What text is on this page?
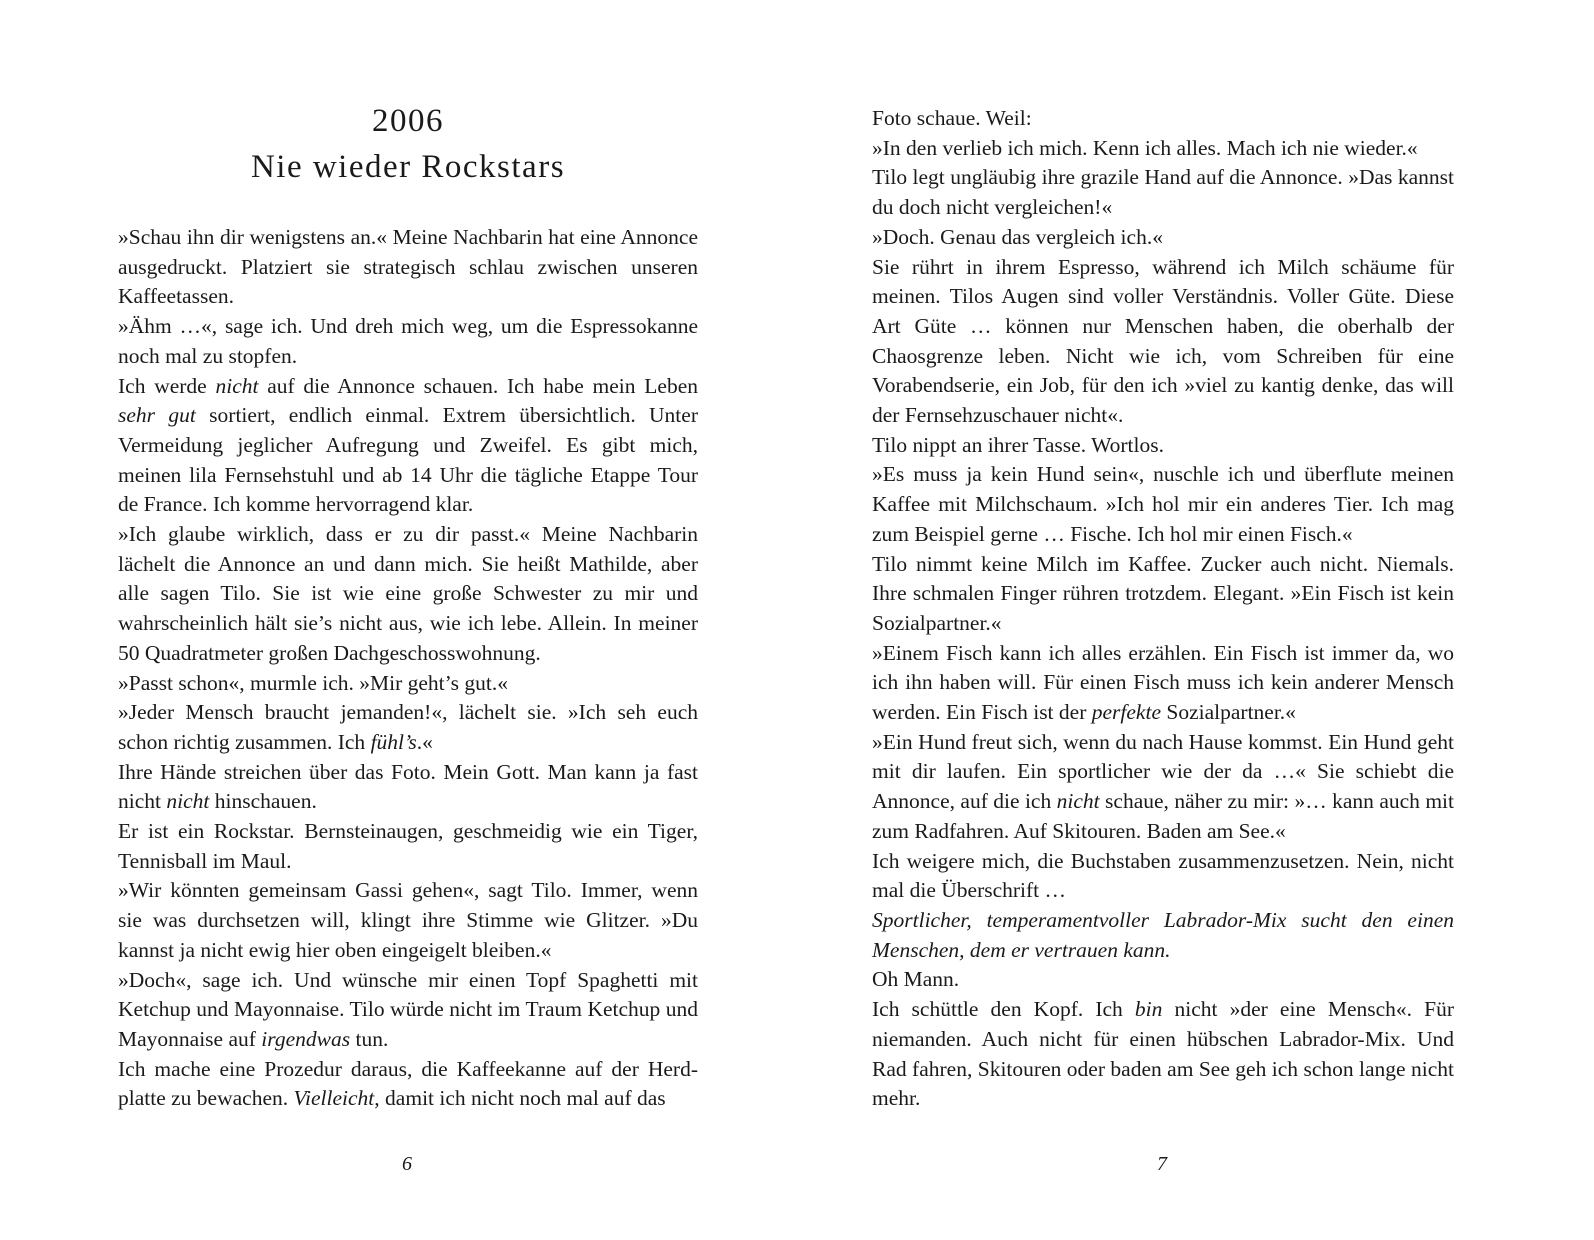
2006
Nie wieder Rockstars

»Schau ihn dir wenigstens an.« Meine Nachbarin hat eine Annonce ausgedruckt. Platziert sie strategisch schlau zwischen unseren Kaffeetassen.

»Ähm …«, sage ich. Und dreh mich weg, um die Espressokanne noch mal zu stopfen.

Ich werde nicht auf die Annonce schauen. Ich habe mein Leben sehr gut sortiert, endlich einmal. Extrem übersichtlich. Unter Vermeidung jeglicher Aufregung und Zweifel. Es gibt mich, meinen lila Fernsehstuhl und ab 14 Uhr die tägliche Etappe Tour de France. Ich komme hervorragend klar.

»Ich glaube wirklich, dass er zu dir passt.« Meine Nachbarin lächelt die Annonce an und dann mich. Sie heißt Mathilde, aber alle sagen Tilo. Sie ist wie eine große Schwester zu mir und wahrscheinlich hält sie’s nicht aus, wie ich lebe. Allein. In meiner 50 Quadratmeter großen Dachgeschosswohnung.

»Passt schon«, murmle ich. »Mir geht’s gut.«

»Jeder Mensch braucht jemanden!«, lächelt sie. »Ich seh euch schon richtig zusammen. Ich fühl’s.«

Ihre Hände streichen über das Foto. Mein Gott. Man kann ja fast nicht nicht hinschauen.

Er ist ein Rockstar. Bernsteinaugen, geschmeidig wie ein Tiger, Tennisball im Maul.

»Wir könnten gemeinsam Gassi gehen«, sagt Tilo. Immer, wenn sie was durchsetzen will, klingt ihre Stimme wie Glitzer. »Du kannst ja nicht ewig hier oben eingeigelt bleiben.«

»Doch«, sage ich. Und wünsche mir einen Topf Spaghetti mit Ketchup und Mayonnaise. Tilo würde nicht im Traum Ketchup und Mayonnaise auf irgendwas tun.

Ich mache eine Prozedur daraus, die Kaffeekanne auf der Herdplatte zu bewachen. Vielleicht, damit ich nicht noch mal auf das

6

Foto schaue. Weil:

»In den verlieb ich mich. Kenn ich alles. Mach ich nie wieder.«

Tilo legt ungläubig ihre grazile Hand auf die Annonce. »Das kannst du doch nicht vergleichen!«

»Doch. Genau das vergleich ich.«

Sie rührt in ihrem Espresso, während ich Milch schäume für meinen. Tilos Augen sind voller Verständnis. Voller Güte. Diese Art Güte … können nur Menschen haben, die oberhalb der Chaosgrenze leben. Nicht wie ich, vom Schreiben für eine Vorabendserie, ein Job, für den ich »viel zu kantig denke, das will der Fernsehzuschauer nicht«.

Tilo nippt an ihrer Tasse. Wortlos.

»Es muss ja kein Hund sein«, nuschle ich und überflute meinen Kaffee mit Milchschaum. »Ich hol mir ein anderes Tier. Ich mag zum Beispiel gerne … Fische. Ich hol mir einen Fisch.«

Tilo nimmt keine Milch im Kaffee. Zucker auch nicht. Niemals. Ihre schmalen Finger rühren trotzdem. Elegant. »Ein Fisch ist kein Sozialpartner.«

»Einem Fisch kann ich alles erzählen. Ein Fisch ist immer da, wo ich ihn haben will. Für einen Fisch muss ich kein anderer Mensch werden. Ein Fisch ist der perfekte Sozialpartner.«

»Ein Hund freut sich, wenn du nach Hause kommst. Ein Hund geht mit dir laufen. Ein sportlicher wie der da …« Sie schiebt die Annonce, auf die ich nicht schaue, näher zu mir: »… kann auch mit zum Radfahren. Auf Skitouren. Baden am See.«

Ich weigere mich, die Buchstaben zusammenzusetzen. Nein, nicht mal die Überschrift …

Sportlicher, temperamentvoller Labrador-Mix sucht den einen Menschen, dem er vertrauen kann.

Oh Mann.

Ich schüttle den Kopf. Ich bin nicht »der eine Mensch«. Für niemanden. Auch nicht für einen hübschen Labrador-Mix. Und Rad fahren, Skitouren oder baden am See geh ich schon lange nicht mehr.

7
